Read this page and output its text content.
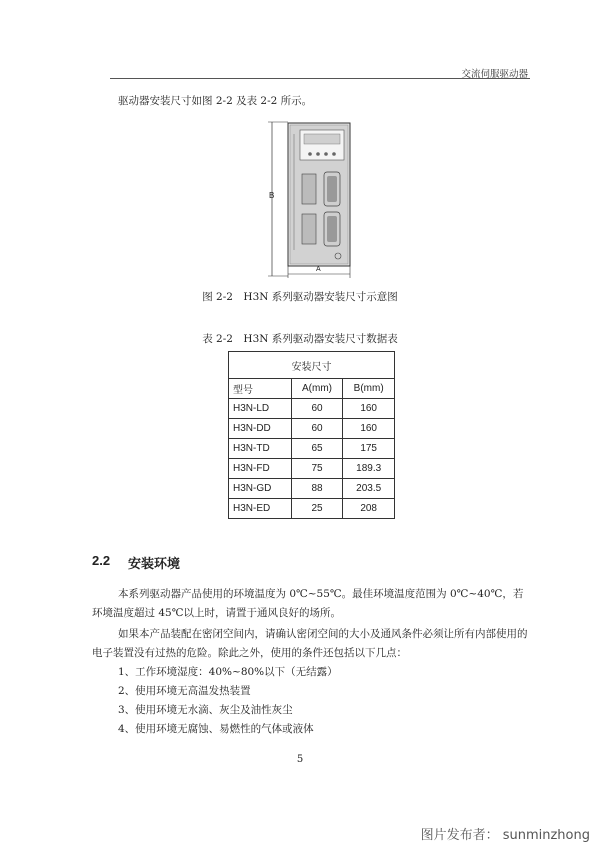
交流伺服驱动器
驱动器安装尺寸如图 2-2 及表 2-2 所示。
B
A
图 2-2　H3N 系列驱动器安装尺寸示意图
表 2-2　H3N 系列驱动器安装尺寸数据表
安装尺寸		
型号	A(mm)	B(mm)
H3N-LD	60	160
H3N-DD	60	160
H3N-TD	65	175
H3N-FD	75	189.3
H3N-GD	88	203.5
H3N-ED	25	208
2.2 安装环境
本系列驱动器产品使用的环境温度为 0℃~55℃。最佳环境温度范围为 0℃~40℃，若环境温度超过 45℃以上时，请置于通风良好的场所。
如果本产品装配在密闭空间内，请确认密闭空间的大小及通风条件必须让所有内部使用的电子装置没有过热的危险。除此之外，使用的条件还包括以下几点：
1、工作环境湿度：40%~80%以下（无结露）
2、使用环境无高温发热装置
3、使用环境无水滴、灰尘及油性灰尘
4、使用环境无腐蚀、易燃性的气体或液体
5
图片发布者： sunminzhong
